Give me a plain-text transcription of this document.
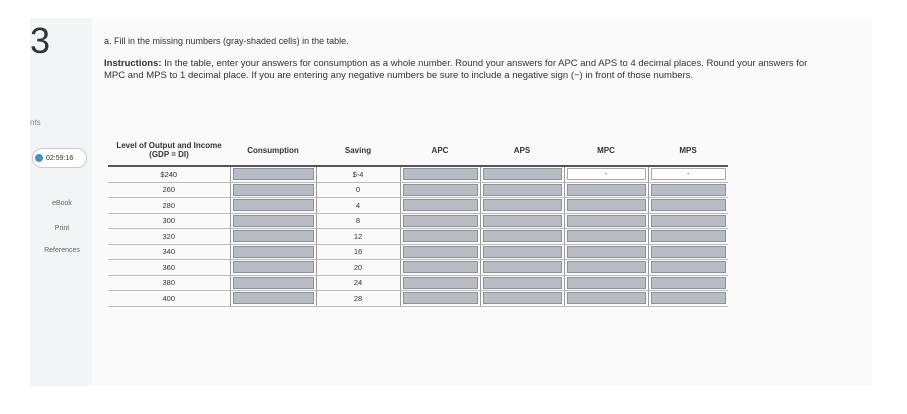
3
nts
02:59:16
eBook
Print
References
a. Fill in the missing numbers (gray-shaded cells) in the table.
Instructions: In the table, enter your answers for consumption as a whole number. Round your answers for APC and APS to 4 decimal places. Round your answers for MPC and MPS to 1 decimal place. If you are entering any negative numbers be sure to include a negative sign (−) in front of those numbers.
Level of Output and Income (GDP = DI)	Consumption	Saving	APC	APS	MPC	MPS
$240		$-4			-	-

260		0	

280		4	

300		8	

320		12	

340		16	

360		20	

380		24	

400		28	
